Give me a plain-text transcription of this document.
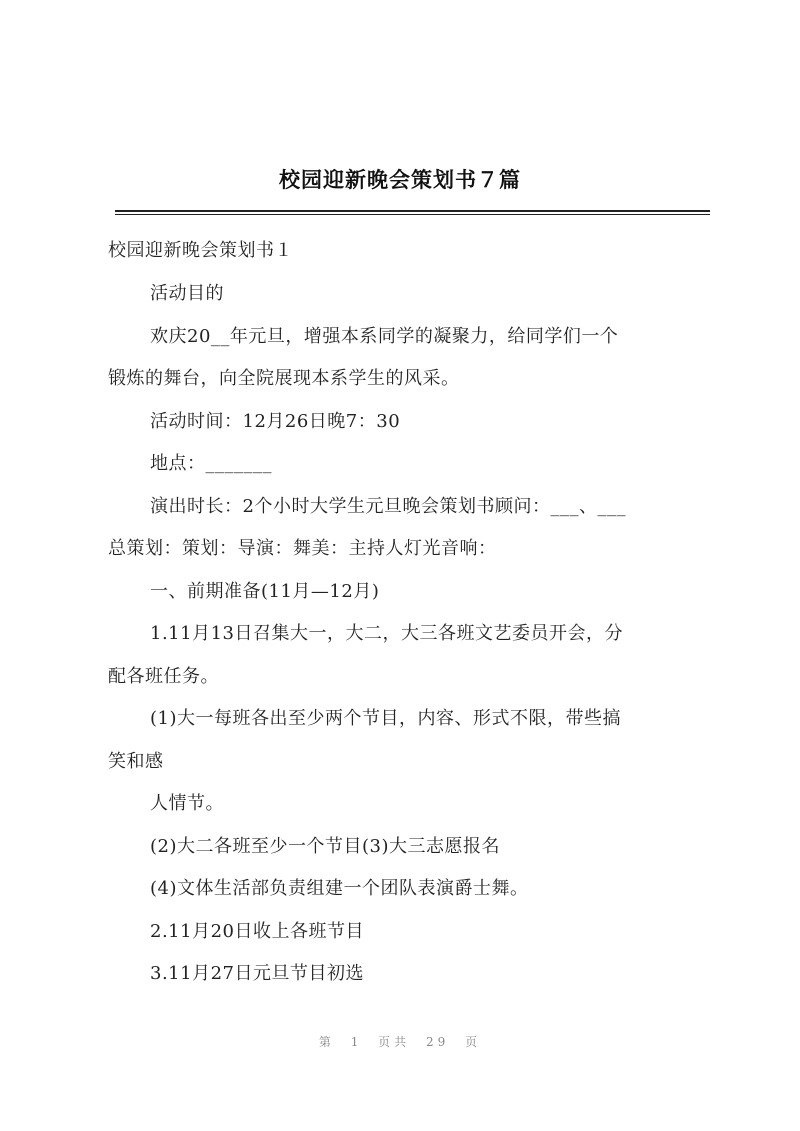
校园迎新晚会策划书７篇
校园迎新晚会策划书１
活动目的
欢庆20__年元旦，增强本系同学的凝聚力，给同学们一个
锻炼的舞台，向全院展现本系学生的风采。
活动时间：12月26日晚7：30
地点：_______
演出时长：2个小时大学生元旦晚会策划书顾问：___、___
总策划：策划：导演：舞美：主持人灯光音响：
一、前期准备(11月—12月)
1.11月13日召集大一，大二，大三各班文艺委员开会，分
配各班任务。
(1)大一每班各出至少两个节目，内容、形式不限，带些搞
笑和感
人情节。
(2)大二各班至少一个节目(3)大三志愿报名
(4)文体生活部负责组建一个团队表演爵士舞。
2.11月20日收上各班节目
3.11月27日元旦节目初选
第 1 页共 29 页
